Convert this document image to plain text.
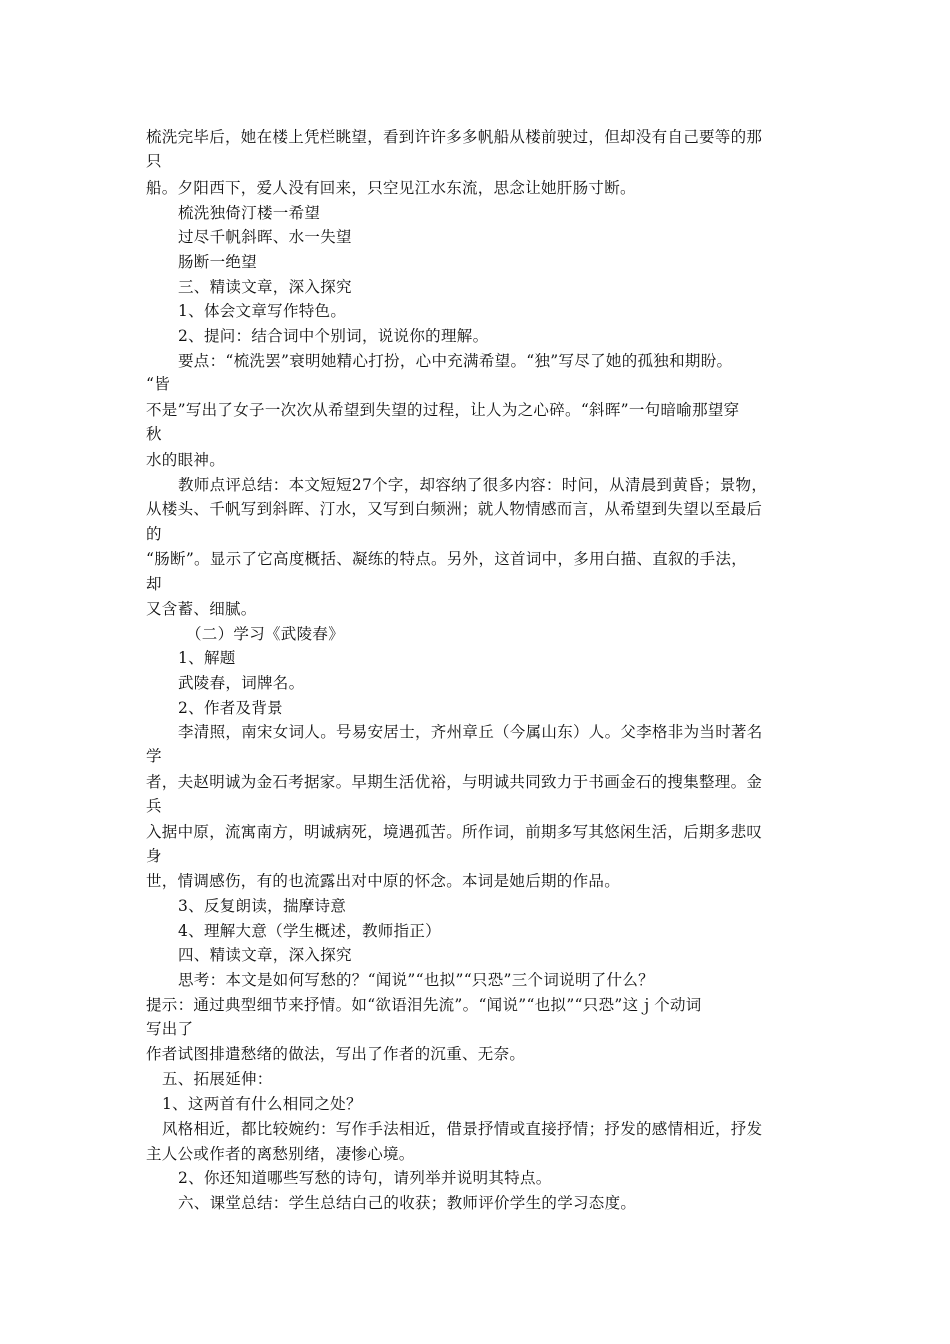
梳洗完毕后，她在楼上凭栏眺望，看到许许多多帆船从楼前驶过，但却没有自己要等的那
只
船。夕阳西下，爱人没有回来，只空见江水东流，思念让她肝肠寸断。
梳洗独倚汀楼一希望
过尽千帆斜晖、水一失望
肠断一绝望
三、精读文章，深入探究
1、体会文章写作特色。
2、提问：结合词中个别词，说说你的理解。
要点：“梳洗罢”衰明她精心打扮，心中充满希望。“独”写尽了她的孤独和期盼。
“皆
不是”写出了女子一次次从希望到失望的过程，让人为之心碎。“斜晖”一句暗喻那望穿
秋
水的眼神。
教师点评总结：本文短短27个字，却容纳了很多内容：时问，从清晨到黄昏；景物，
从楼头、千帆写到斜晖、汀水，又写到白频洲；就人物情感而言，从希望到失望以至最后
的
“肠断”。显示了它高度概括、凝练的特点。另外，这首词中，多用白描、直叙的手法，
却
又含蓄、细腻。
（二）学习《武陵春》
1、解题
武陵春，词牌名。
2、作者及背景
李清照，南宋女词人。号易安居士，齐州章丘（今属山东）人。父李格非为当时著名
学
者，夫赵明诚为金石考据家。早期生活优裕，与明诚共同致力于书画金石的搜集整理。金
兵
入据中原，流寓南方，明诚病死，境遇孤苦。所作词，前期多写其悠闲生活，后期多悲叹
身
世，情调感伤，有的也流露出对中原的怀念。本词是她后期的作品。
3、反复朗读，揣摩诗意
4、理解大意（学生概述，教师指正）
四、精读文章，深入探究
思考：本文是如何写愁的？“闻说”“也拟”“只恐”三个词说明了什么？
提示：通过典型细节来抒情。如“欲语泪先流”。“闻说”“也拟”“只恐”这ｊ个动词
写出了
作者试图排遣愁绪的做法，写出了作者的沉重、无奈。
五、拓展延伸：
1、这两首有什么相同之处？
风格相近，都比较婉约：写作手法相近，借景抒情或直接抒情；抒发的感情相近，抒发
主人公或作者的离愁别绪，凄惨心境。
2、你还知道哪些写愁的诗句，请列举并说明其特点。
六、课堂总结：学生总结白己的收获；教师评价学生的学习态度。
